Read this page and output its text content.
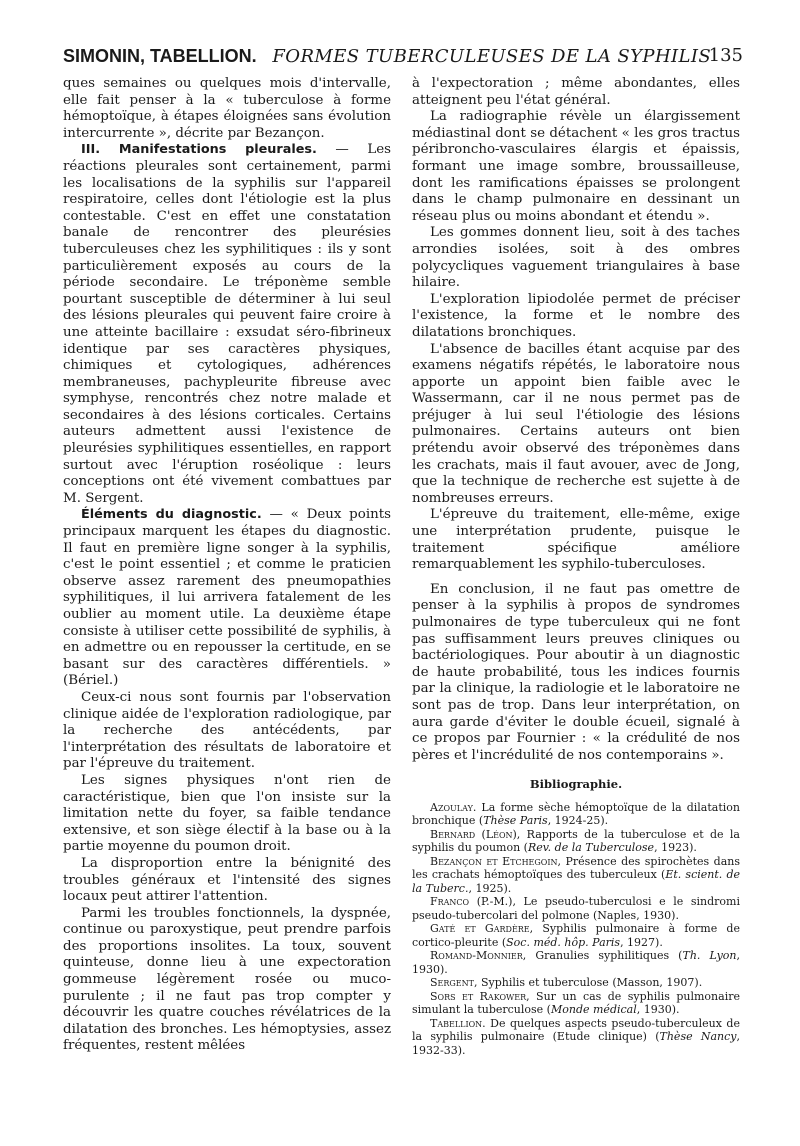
SIMONIN, TABELLION. FORMES TUBERCULEUSES DE LA SYPHILIS
135

ques semaines ou quelques mois d'intervalle, elle fait penser à la « tuberculose à forme hémoptoïque, à étapes éloignées sans évolution intercurrente », décrite par Bezançon.

III. Manifestations pleurales. — Les réactions pleurales sont certainement, parmi les localisations de la syphilis sur l'appareil respiratoire, celles dont l'étiologie est la plus contestable. C'est en effet une constatation banale de rencontrer des pleurésies tuberculeuses chez les syphilitiques : ils y sont particulièrement exposés au cours de la période secondaire. Le tréponème semble pourtant susceptible de déterminer à lui seul des lésions pleurales qui peuvent faire croire à une atteinte bacillaire : exsudat séro-fibrineux identique par ses caractères physiques, chimiques et cytologiques, adhérences membraneuses, pachypleurite fibreuse avec symphyse, rencontrés chez notre malade et secondaires à des lésions corticales. Certains auteurs admettent aussi l'existence de pleurésies syphilitiques essentielles, en rapport surtout avec l'éruption roséolique : leurs conceptions ont été vivement combattues par M. Sergent.

Éléments du diagnostic. — « Deux points principaux marquent les étapes du diagnostic. Il faut en première ligne songer à la syphilis, c'est le point essentiel ; et comme le praticien observe assez rarement des pneumopathies syphilitiques, il lui arrivera fatalement de les oublier au moment utile. La deuxième étape consiste à utiliser cette possibilité de syphilis, à en admettre ou en repousser la certitude, en se basant sur des caractères différentiels. » (Bériel.)

Ceux-ci nous sont fournis par l'observation clinique aidée de l'exploration radiologique, par la recherche des antécédents, par l'interprétation des résultats de laboratoire et par l'épreuve du traitement.

Les signes physiques n'ont rien de caractéristique, bien que l'on insiste sur la limitation nette du foyer, sa faible tendance extensive, et son siège électif à la base ou à la partie moyenne du poumon droit.

La disproportion entre la bénignité des troubles généraux et l'intensité des signes locaux peut attirer l'attention.

Parmi les troubles fonctionnels, la dyspnée, continue ou paroxystique, peut prendre parfois des proportions insolites. La toux, souvent quinteuse, donne lieu à une expectoration gommeuse légèrement rosée ou muco-purulente ; il ne faut pas trop compter y découvrir les quatre couches révélatrices de la dilatation des bronches. Les hémoptysies, assez fréquentes, restent mêlées

à l'expectoration ; même abondantes, elles atteignent peu l'état général.

La radiographie révèle un élargissement médiastinal dont se détachent « les gros tractus péribroncho-vasculaires élargis et épaissis, formant une image sombre, broussailleuse, dont les ramifications épaisses se prolongent dans le champ pulmonaire en dessinant un réseau plus ou moins abondant et étendu ».

Les gommes donnent lieu, soit à des taches arrondies isolées, soit à des ombres polycycliques vaguement triangulaires à base hilaire.

L'exploration lipiodolée permet de préciser l'existence, la forme et le nombre des dilatations bronchiques.

L'absence de bacilles étant acquise par des examens négatifs répétés, le laboratoire nous apporte un appoint bien faible avec le Wassermann, car il ne nous permet pas de préjuger à lui seul l'étiologie des lésions pulmonaires. Certains auteurs ont bien prétendu avoir observé des tréponèmes dans les crachats, mais il faut avouer, avec de Jong, que la technique de recherche est sujette à de nombreuses erreurs.

L'épreuve du traitement, elle-même, exige une interprétation prudente, puisque le traitement spécifique améliore remarquablement les syphilo-tuberculoses.

En conclusion, il ne faut pas omettre de penser à la syphilis à propos de syndromes pulmonaires de type tuberculeux qui ne font pas suffisamment leurs preuves cliniques ou bactériologiques. Pour aboutir à un diagnostic de haute probabilité, tous les indices fournis par la clinique, la radiologie et le laboratoire ne sont pas de trop. Dans leur interprétation, on aura garde d'éviter le double écueil, signalé à ce propos par Fournier : « la crédulité de nos pères et l'incrédulité de nos contemporains ».

Bibliographie.

Azoulay. La forme sèche hémoptoïque de la dilatation bronchique (Thèse Paris, 1924-25).

Bernard (Léon), Rapports de la tuberculose et de la syphilis du poumon (Rev. de la Tuberculose, 1923).

Bezançon et Etchegoin, Présence des spirochètes dans les crachats hémoptoïques des tuberculeux (Et. scient. de la Tuberc., 1925).

Franco (P.-M.), Le pseudo-tuberculosi e le sindromi pseudo-tubercolari del polmone (Naples, 1930).

Gaté et Gardère, Syphilis pulmonaire à forme de cortico-pleurite (Soc. méd. hôp. Paris, 1927).

Romand-Monnier, Granulies syphilitiques (Th. Lyon, 1930).

Sergent, Syphilis et tuberculose (Masson, 1907).

Sors et Rakower, Sur un cas de syphilis pulmonaire simulant la tuberculose (Monde médical, 1930).

Tabellion. De quelques aspects pseudo-tuberculeux de la syphilis pulmonaire (Etude clinique) (Thèse Nancy, 1932-33).
